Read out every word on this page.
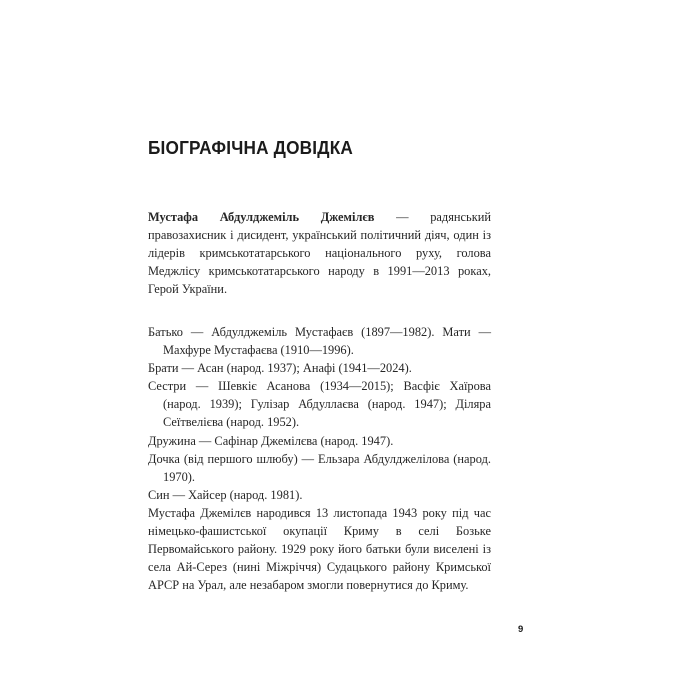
БІОГРАФІЧНА ДОВІДКА

Мустафа Абдулджеміль Джемілєв — радянський правозахисник і дисидент, український політичний діяч, один із лідерів кримськотатарського національного руху, голова Меджлісу кримськотатарського народу в 1991—2013 роках, Герой України.

Батько — Абдулджеміль Мустафаєв (1897—1982). Мати — Махфуре Мустафаєва (1910—1996).

Брати — Асан (народ. 1937); Анафі (1941—2024).

Сестри — Шевкіє Асанова (1934—2015); Васфіє Хаїрова (народ. 1939); Гулізар Абдуллаєва (народ. 1947); Діляра Сеїтвелієва (народ. 1952).

Дружина — Сафінар Джемілєва (народ. 1947).

Дочка (від першого шлюбу) — Ельзара Абдулджелілова (народ. 1970).

Син — Хайсер (народ. 1981).

Мустафа Джемілєв народився 13 листопада 1943 року під час німецько-фашистської окупації Криму в селі Бозьке Первомайського району. 1929 року його батьки були виселені із села Ай-Серез (нині Міжріччя) Судацького району Кримської АРСР на Урал, але незабаром змогли повернутися до Криму.

9
